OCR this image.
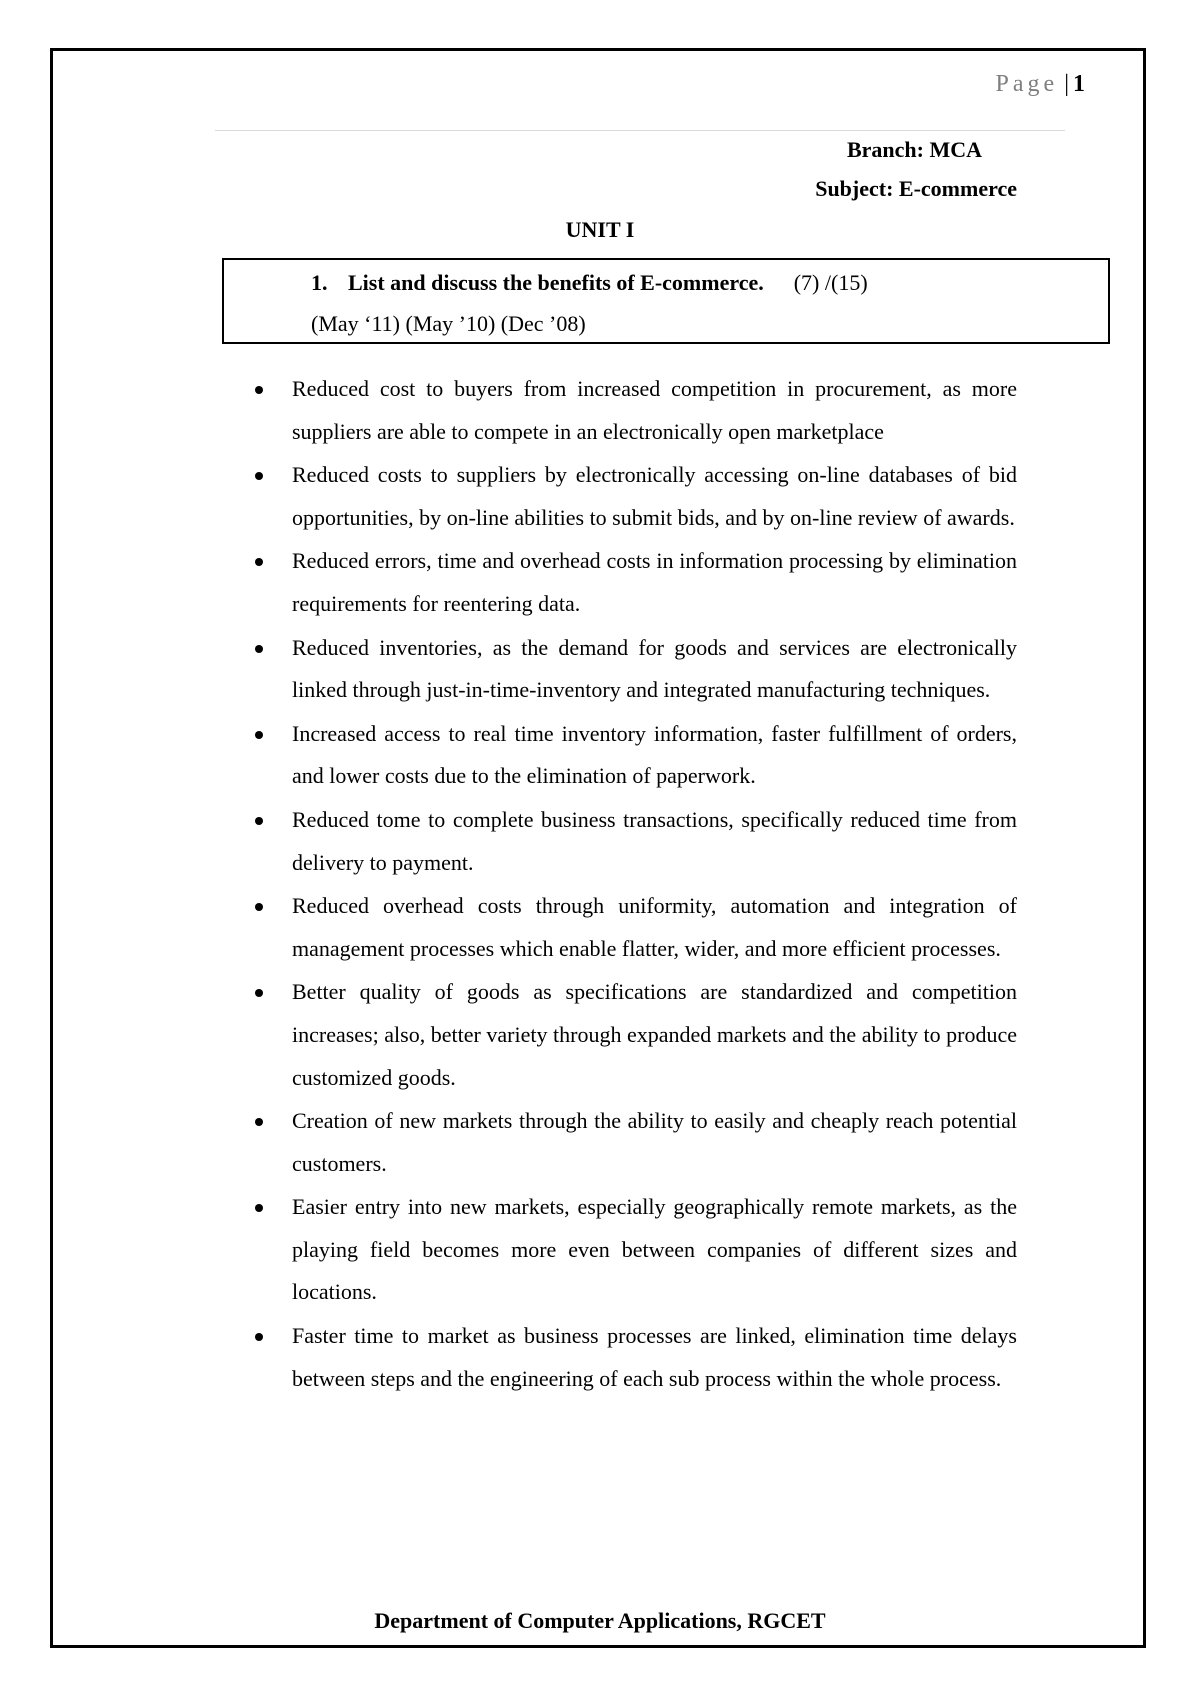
Page | 1
Branch: MCA
Subject: E-commerce
UNIT I
1. List and discuss the benefits of E-commerce. (7) /(15)
(May ‘11) (May ’10) (Dec ’08)
Reduced cost to buyers from increased competition in procurement, as more suppliers are able to compete in an electronically open marketplace
Reduced costs to suppliers by electronically accessing on-line databases of bid opportunities, by on-line abilities to submit bids, and by on-line review of awards.
Reduced errors, time and overhead costs in information processing by elimination requirements for reentering data.
Reduced inventories, as the demand for goods and services are electronically linked through just-in-time-inventory and integrated manufacturing techniques.
Increased access to real time inventory information, faster fulfillment of orders, and lower costs due to the elimination of paperwork.
Reduced tome to complete business transactions, specifically reduced time from delivery to payment.
Reduced overhead costs through uniformity, automation and integration of management processes which enable flatter, wider, and more efficient processes.
Better quality of goods as specifications are standardized and competition increases; also, better variety through expanded markets and the ability to produce customized goods.
Creation of new markets through the ability to easily and cheaply reach potential customers.
Easier entry into new markets, especially geographically remote markets, as the playing field becomes more even between companies of different sizes and locations.
Faster time to market as business processes are linked, elimination time delays between steps and the engineering of each sub process within the whole process.
Department of Computer Applications, RGCET
